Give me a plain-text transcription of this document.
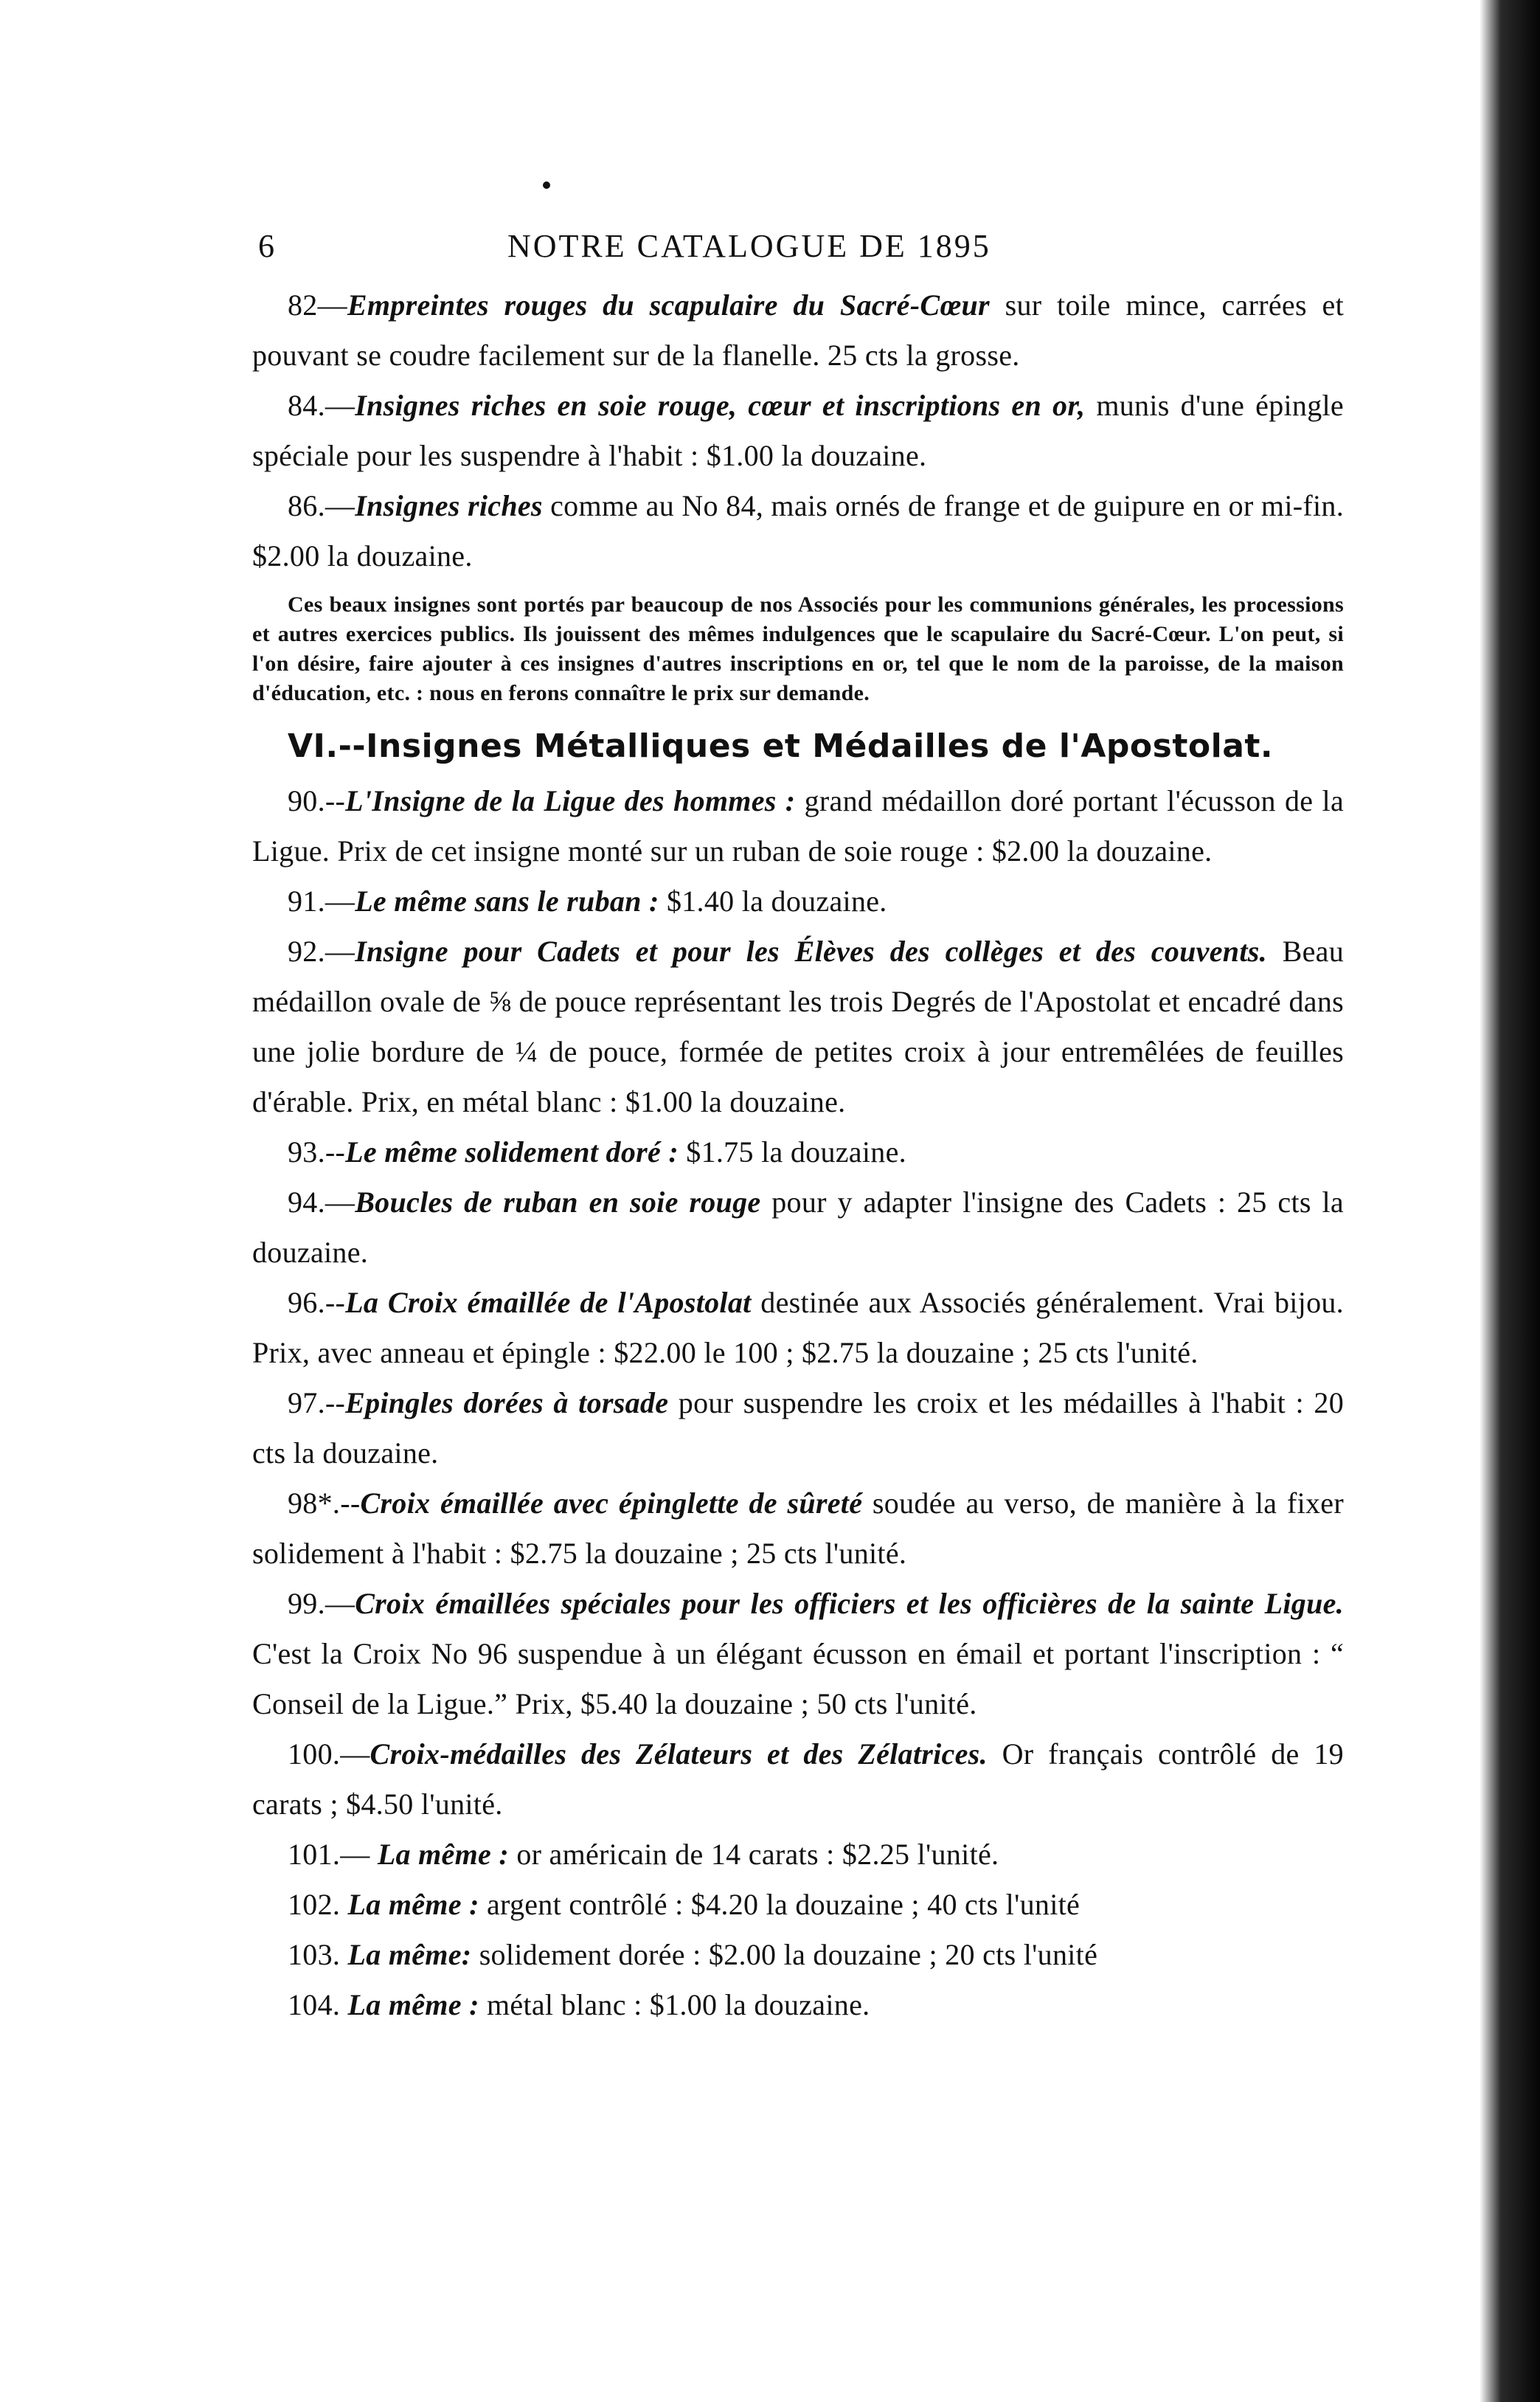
6	NOTRE CATALOGUE DE 1895

82—Empreintes rouges du scapulaire du Sacré-Cœur sur toile mince, carrées et pouvant se coudre facilement sur de la flanelle. 25 cts la grosse.

84.—Insignes riches en soie rouge, cœur et inscriptions en or, munis d'une épingle spéciale pour les suspendre à l'habit : $1.00 la douzaine.

86.—Insignes riches comme au No 84, mais ornés de frange et de guipure en or mi-fin. $2.00 la douzaine.

Ces beaux insignes sont portés par beaucoup de nos Associés pour les communions générales, les processions et autres exercices publics. Ils jouissent des mêmes indulgences que le scapulaire du Sacré-Cœur. L'on peut, si l'on désire, faire ajouter à ces insignes d'autres inscriptions en or, tel que le nom de la paroisse, de la maison d'éducation, etc. : nous en ferons connaître le prix sur demande.

VI.--Insignes Métalliques et Médailles de l'Apostolat.

90.--L'Insigne de la Ligue des hommes : grand médaillon doré portant l'écusson de la Ligue. Prix de cet insigne monté sur un ruban de soie rouge : $2.00 la douzaine.

91.—Le même sans le ruban : $1.40 la douzaine.

92.—Insigne pour Cadets et pour les Élèves des collèges et des couvents. Beau médaillon ovale de ⅝ de pouce représentant les trois Degrés de l'Apostolat et encadré dans une jolie bordure de ¼ de pouce, formée de petites croix à jour entremêlées de feuilles d'érable. Prix, en métal blanc : $1.00 la douzaine.

93.--Le même solidement doré : $1.75 la douzaine.

94.—Boucles de ruban en soie rouge pour y adapter l'insigne des Cadets : 25 cts la douzaine.

96.--La Croix émaillée de l'Apostolat destinée aux Associés généralement. Vrai bijou. Prix, avec anneau et épingle : $22.00 le 100 ; $2.75 la douzaine ; 25 cts l'unité.

97.--Epingles dorées à torsade pour suspendre les croix et les médailles à l'habit : 20 cts la douzaine.

98*.--Croix émaillée avec épinglette de sûreté soudée au verso, de manière à la fixer solidement à l'habit : $2.75 la douzaine ; 25 cts l'unité.

99.—Croix émaillées spéciales pour les officiers et les officières de la sainte Ligue. C'est la Croix No 96 suspendue à un élégant écusson en émail et portant l'inscription : “ Conseil de la Ligue.” Prix, $5.40 la douzaine ; 50 cts l'unité.

100.—Croix-médailles des Zélateurs et des Zélatrices. Or français contrôlé de 19 carats ; $4.50 l'unité.

101.— La même : or américain de 14 carats : $2.25 l'unité.

102. La même : argent contrôlé : $4.20 la douzaine ; 40 cts l'unité

103. La même: solidement dorée : $2.00 la douzaine ; 20 cts l'unité

104. La même : métal blanc : $1.00 la douzaine.
